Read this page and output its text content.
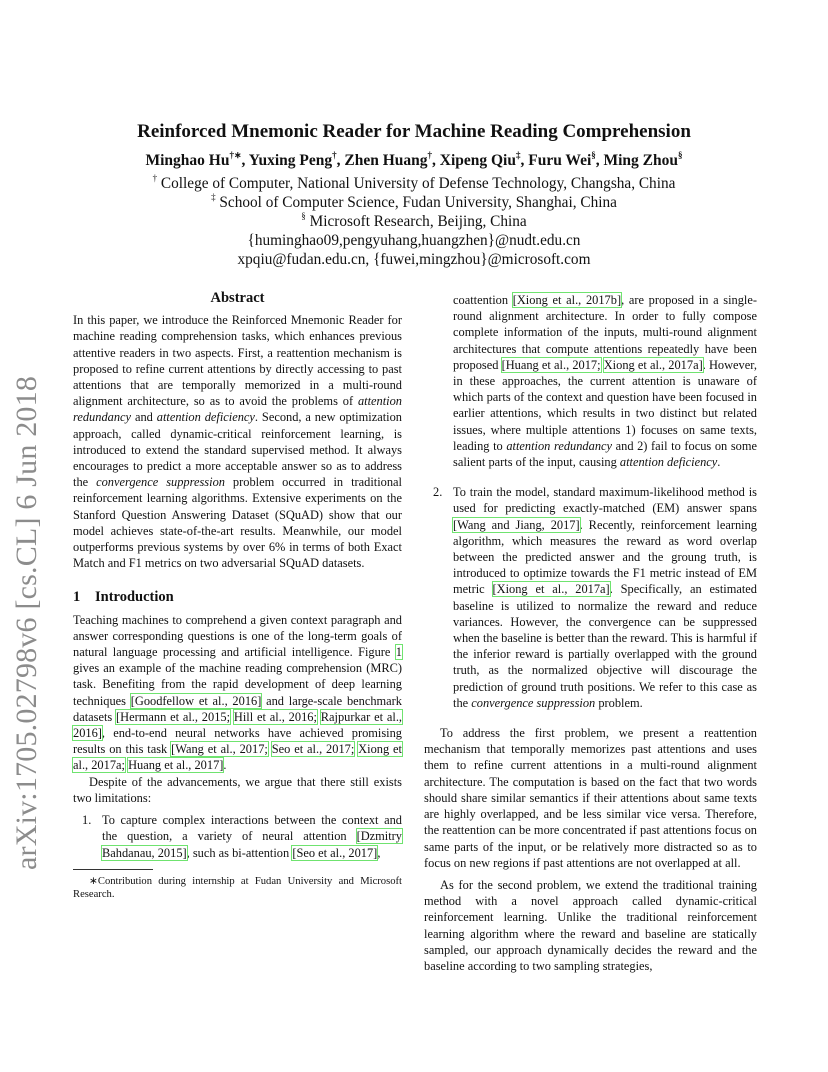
arXiv:1705.02798v6 [cs.CL] 6 Jun 2018
Reinforced Mnemonic Reader for Machine Reading Comprehension
Minghao Hu†∗, Yuxing Peng†, Zhen Huang†, Xipeng Qiu‡, Furu Wei§, Ming Zhou§
† College of Computer, National University of Defense Technology, Changsha, China
‡ School of Computer Science, Fudan University, Shanghai, China
§ Microsoft Research, Beijing, China
{huminghao09,pengyuhang,huangzhen}@nudt.edu.cn
xpqiu@fudan.edu.cn, {fuwei,mingzhou}@microsoft.com
Abstract

In this paper, we introduce the Reinforced Mnemonic Reader for machine reading comprehension tasks, which enhances previous attentive readers in two aspects. First, a reattention mechanism is proposed to refine current attentions by directly accessing to past attentions that are temporally memorized in a multi-round alignment architecture, so as to avoid the problems of attention redundancy and attention deficiency. Second, a new optimization approach, called dynamic-critical reinforcement learning, is introduced to extend the standard supervised method. It always encourages to predict a more acceptable answer so as to address the convergence suppression problem occurred in traditional reinforcement learning algorithms. Extensive experiments on the Stanford Question Answering Dataset (SQuAD) show that our model achieves state-of-the-art results. Meanwhile, our model outperforms previous systems by over 6% in terms of both Exact Match and F1 metrics on two adversarial SQuAD datasets.

1 Introduction

Teaching machines to comprehend a given context paragraph and answer corresponding questions is one of the long-term goals of natural language processing and artificial intelligence. Figure 1 gives an example of the machine reading comprehension (MRC) task. Benefiting from the rapid development of deep learning techniques [Goodfellow et al., 2016] and large-scale benchmark datasets [Hermann et al., 2015; Hill et al., 2016; Rajpurkar et al., 2016], end-to-end neural networks have achieved promising results on this task [Wang et al., 2017; Seo et al., 2017; Xiong et al., 2017a; Huang et al., 2017].

Despite of the advancements, we argue that there still exists two limitations:

1. To capture complex interactions between the context and the question, a variety of neural attention [Dzmitry Bahdanau, 2015], such as bi-attention [Seo et al., 2017],

∗Contribution during internship at Fudan University and Microsoft Research.

coattention [Xiong et al., 2017b], are proposed in a single-round alignment architecture. In order to fully compose complete information of the inputs, multi-round alignment architectures that compute attentions repeatedly have been proposed [Huang et al., 2017; Xiong et al., 2017a]. However, in these approaches, the current attention is unaware of which parts of the context and question have been focused in earlier attentions, which results in two distinct but related issues, where multiple attentions 1) focuses on same texts, leading to attention redundancy and 2) fail to focus on some salient parts of the input, causing attention deficiency.
2. To train the model, standard maximum-likelihood method is used for predicting exactly-matched (EM) answer spans [Wang and Jiang, 2017]. Recently, reinforcement learning algorithm, which measures the reward as word overlap between the predicted answer and the groung truth, is introduced to optimize towards the F1 metric instead of EM metric [Xiong et al., 2017a]. Specifically, an estimated baseline is utilized to normalize the reward and reduce variances. However, the convergence can be suppressed when the baseline is better than the reward. This is harmful if the inferior reward is partially overlapped with the ground truth, as the normalized objective will discourage the prediction of ground truth positions. We refer to this case as the convergence suppression problem.

To address the first problem, we present a reattention mechanism that temporally memorizes past attentions and uses them to refine current attentions in a multi-round alignment architecture. The computation is based on the fact that two words should share similar semantics if their attentions about same texts are highly overlapped, and be less similar vice versa. Therefore, the reattention can be more concentrated if past attentions focus on same parts of the input, or be relatively more distracted so as to focus on new regions if past attentions are not overlapped at all.

As for the second problem, we extend the traditional training method with a novel approach called dynamic-critical reinforcement learning. Unlike the traditional reinforcement learning algorithm where the reward and baseline are statically sampled, our approach dynamically decides the reward and the baseline according to two sampling strategies,
